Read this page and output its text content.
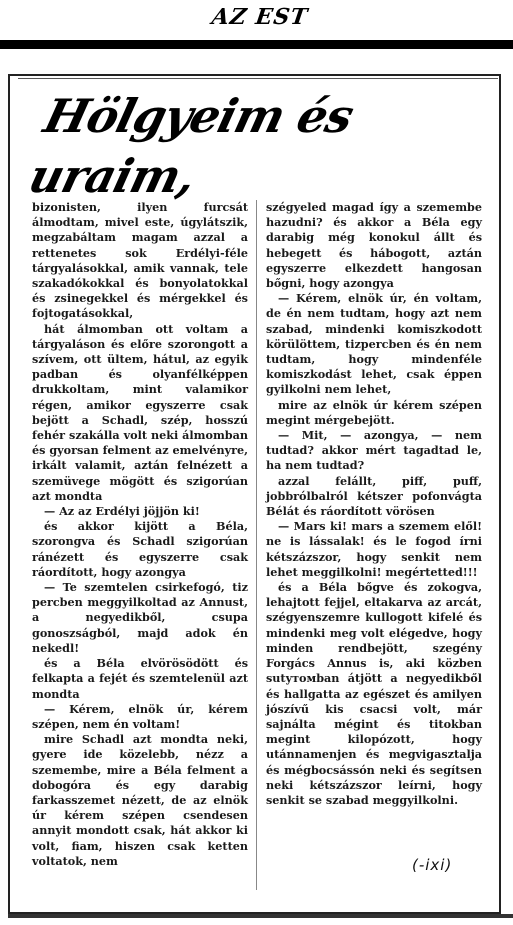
AZ EST
Hölgyeim és uraim,

bizonisten, ilyen furcsát álmodtam, mivel este, úgylátszik, megzabáltam magam azzal a rettenetes sok Erdélyi-féle tárgyalásokkal, amik vannak, tele szakadókokkal és bonyolatokkal és zsinegekkel és mérgekkel és fojtogatásokkal,

hát álmomban ott voltam a tárgyaláson és előre szorongott a szívem, ott ültem, hátul, az egyik padban és olyanfélképpen drukkoltam, mint valamikor régen, amikor egyszerre csak bejött a Schadl, szép, hosszú fehér szakálla volt neki álmomban és gyorsan felment az emelvényre, irkált valamit, aztán felnézett a szemüvege mögött és szigorúan azt mondta

— Az az Erdélyi jöjjön ki!

és akkor kijött a Béla, szorongva és Schadl szigorúan ránézett és egyszerre csak ráordított, hogy azongya

— Te szemtelen csirkefogó, tiz percben meggyilkoltad az Annust, a negyedikből, csupa gonoszságból, majd adok én nekedl!

és a Béla elvörösödött és felkapta a fejét és szemtelenül azt mondta

— Kérem, elnök úr, kérem szépen, nem én voltam!

mire Schadl azt mondta neki, gyere ide közelebb, nézz a szemembe, mire a Béla felment a dobogóra és egy darabig farkasszemet nézett, de az elnök úr kérem szépen csendesen annyit mondott csak, hát akkor ki volt, fiam, hiszen csak ketten voltatok, nem

szégyeled magad így a szemembe hazudni? és akkor a Béla egy darabig még konokul állt és hebegett és hábogott, aztán egyszerre elkezdett hangosan bőgni, hogy azongya

— Kérem, elnök úr, én voltam, de én nem tudtam, hogy azt nem szabad, mindenki komiszkodott körülöttem, tizpercben és én nem tudtam, hogy mindenféle komiszkodást lehet, csak éppen gyilkolni nem lehet,

mire az elnök úr kérem szépen megint mérgebejött.

— Mit, — azongya, — nem tudtad? akkor mért tagadtad le, ha nem tudtad?

azzal felállt, piff, puff, jobbrólbalról kétszer pofonvágta Bélát és ráordított vörösen

— Mars ki! mars a szemem elől! ne is lássalak! és le fogod írni kétszázszor, hogy senkit nem lehet meggilkolni! megértetted!!!

és a Béla bőgve és zokogva, lehajtott fejjel, eltakarva az arcát, szégyenszemre kullogott kifelé és mindenki meg volt elégedve, hogy minden rendbejött, szegény Forgács Annus is, aki közben sutyтомban átjött a negyedikből és hallgatta az egészet és amilyen jószívű kis csacsi volt, már sajnálta mégint és titokban megint kilopózott, hogy utánnamenjen és megvigasztalja és mégbocsássón neki és segítsen neki kétszázszor leírni, hogy senkit se szabad meggyilkolni.

(-ixi)
